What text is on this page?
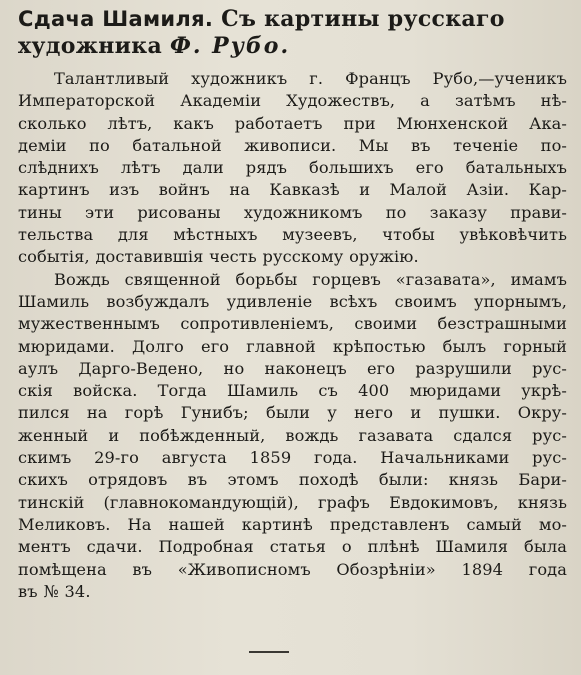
Сдача Шамиля. Съ картины русскаго художника Ф. Рубо.
Талантливый художникъ г. Францъ Рубо,—ученикъ
Императорской Академiи Художествъ, а затѣмъ нѣ-
сколько лѣтъ, какъ работаетъ при Мюнхенской Ака-
демiи по батальной живописи. Мы въ теченiе по-
слѣднихъ лѣтъ дали рядъ большихъ его батальныхъ
картинъ изъ войнъ на Кавказѣ и Малой Азiи. Кар-
тины эти рисованы художникомъ по заказу прави-
тельства для мѣстныхъ музеевъ, чтобы увѣковѣчить
событiя, доставившiя честь русскому оружiю.
Вождь священной борьбы горцевъ «газавата», имамъ
Шамиль возбуждалъ удивленiе всѣхъ своимъ упорнымъ,
мужественнымъ сопротивленiемъ, своими безстрашными
мюридами. Долго его главной крѣпостью былъ горный
аулъ Дарго-Ведено, но наконецъ его разрушили рус-
скiя войска. Тогда Шамиль съ 400 мюридами укрѣ-
пился на горѣ Гунибъ; были у него и пушки. Окру-
женный и побѣжденный, вождь газавата сдался рус-
скимъ 29-го августа 1859 года. Начальниками рус-
скихъ отрядовъ въ этомъ походѣ были: князь Бари-
тинскiй (главнокомандующiй), графъ Евдокимовъ, князь
Меликовъ. На нашей картинѣ представленъ самый мо-
ментъ сдачи. Подробная статья о плѣнѣ Шамиля была
помѣщена въ «Живописномъ Обозрѣнiи» 1894 года
въ № 34.
